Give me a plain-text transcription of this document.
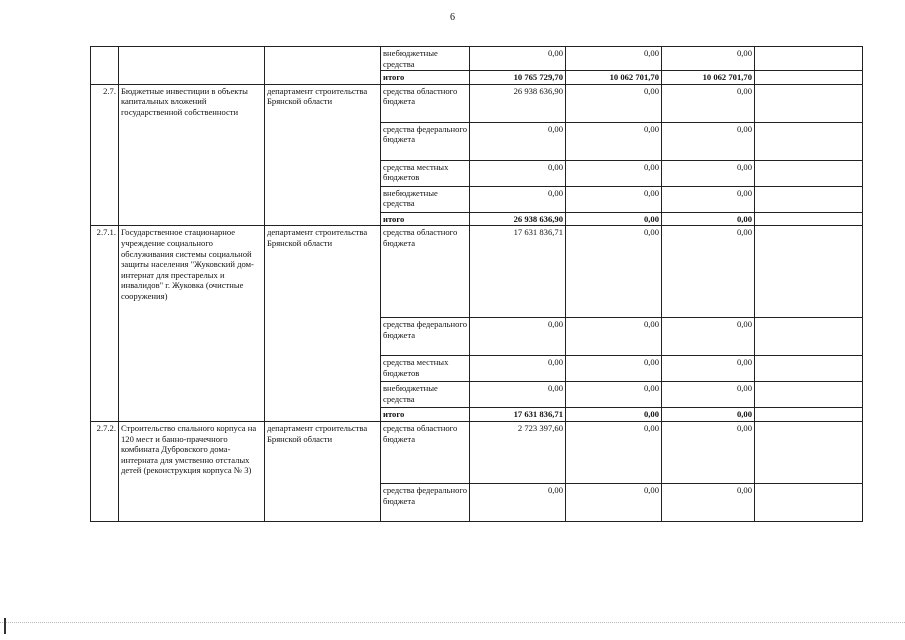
6
			внебюджетные средства	0,00	0,00	0,00	
			итого	10 765 729,70	10 062 701,70	10 062 701,70	
2.7.	Бюджетные инвестиции в объекты капитальных вложений государственной собственности	департамент строительства Брянской области	средства областного бюджета	26 938 636,90	0,00	0,00	
			средства федерального бюджета	0,00	0,00	0,00	
			средства местных бюджетов	0,00	0,00	0,00	
			внебюджетные средства	0,00	0,00	0,00	
			итого	26 938 636,90	0,00	0,00	
2.7.1.	Государственное стационарное учреждение социального обслуживания системы социальной защиты населения "Жуковский дом-интернат для престарелых и инвалидов" г. Жуковка (очистные сооружения)	департамент строительства Брянской области	средства областного бюджета	17 631 836,71	0,00	0,00	
			средства федерального бюджета	0,00	0,00	0,00	
			средства местных бюджетов	0,00	0,00	0,00	
			внебюджетные средства	0,00	0,00	0,00	
			итого	17 631 836,71	0,00	0,00	
2.7.2.	Строительство спального корпуса на 120 мест и банно-прачечного комбината Дубровского дома-интерната для умственно отсталых детей (реконструкция корпуса № 3)	департамент строительства Брянской области	средства областного бюджета	2 723 397,60	0,00	0,00	
			средства федерального бюджета	0,00	0,00	0,00	
